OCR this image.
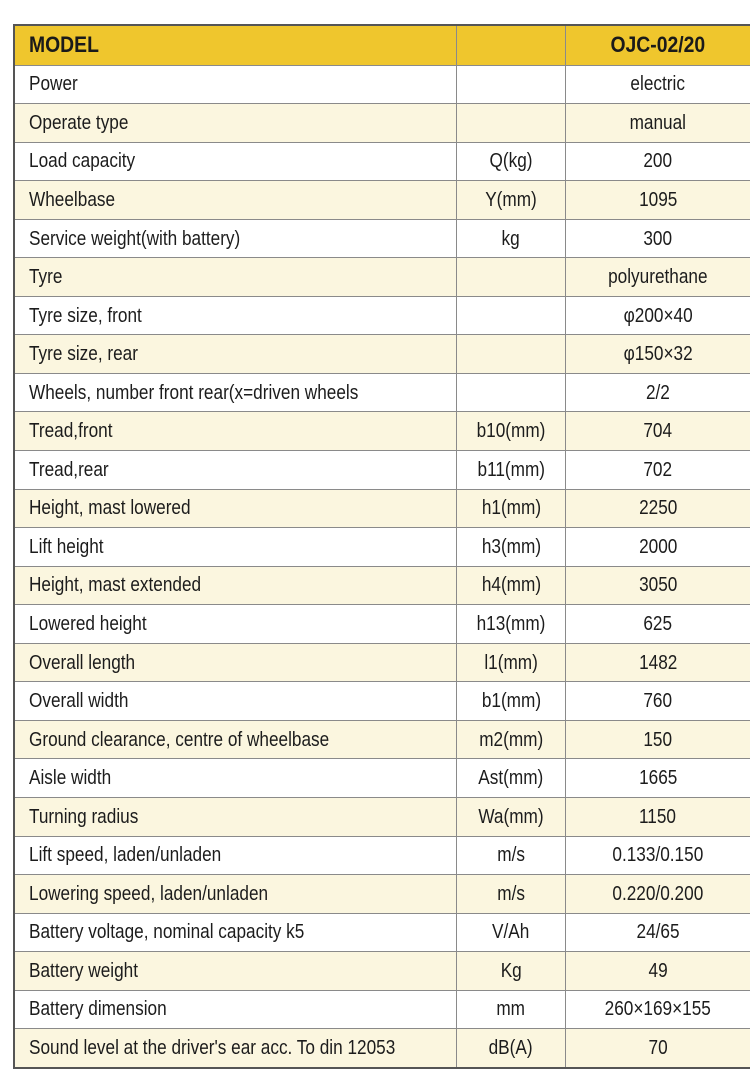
MODEL		OJC-02/20
Power		electric
Operate type		manual
Load capacity	Q(kg)	200
Wheelbase	Y(mm)	1095
Service weight(with battery)	kg	300
Tyre		polyurethane
Tyre size, front		φ200×40
Tyre size, rear		φ150×32
Wheels, number front rear(x=driven wheels		2/2
Tread,front	b10(mm)	704
Tread,rear	b11(mm)	702
Height, mast lowered	h1(mm)	2250
Lift height	h3(mm)	2000
Height, mast extended	h4(mm)	3050
Lowered height	h13(mm)	625
Overall length	l1(mm)	1482
Overall width	b1(mm)	760
Ground clearance, centre of wheelbase	m2(mm)	150
Aisle width	Ast(mm)	1665
Turning radius	Wa(mm)	1150
Lift speed, laden/unladen	m/s	0.133/0.150
Lowering speed, laden/unladen	m/s	0.220/0.200
Battery voltage, nominal capacity k5	V/Ah	24/65
Battery weight	Kg	49
Battery dimension	mm	260×169×155
Sound level at the driver's ear acc. To din 12053	dB(A)	70
